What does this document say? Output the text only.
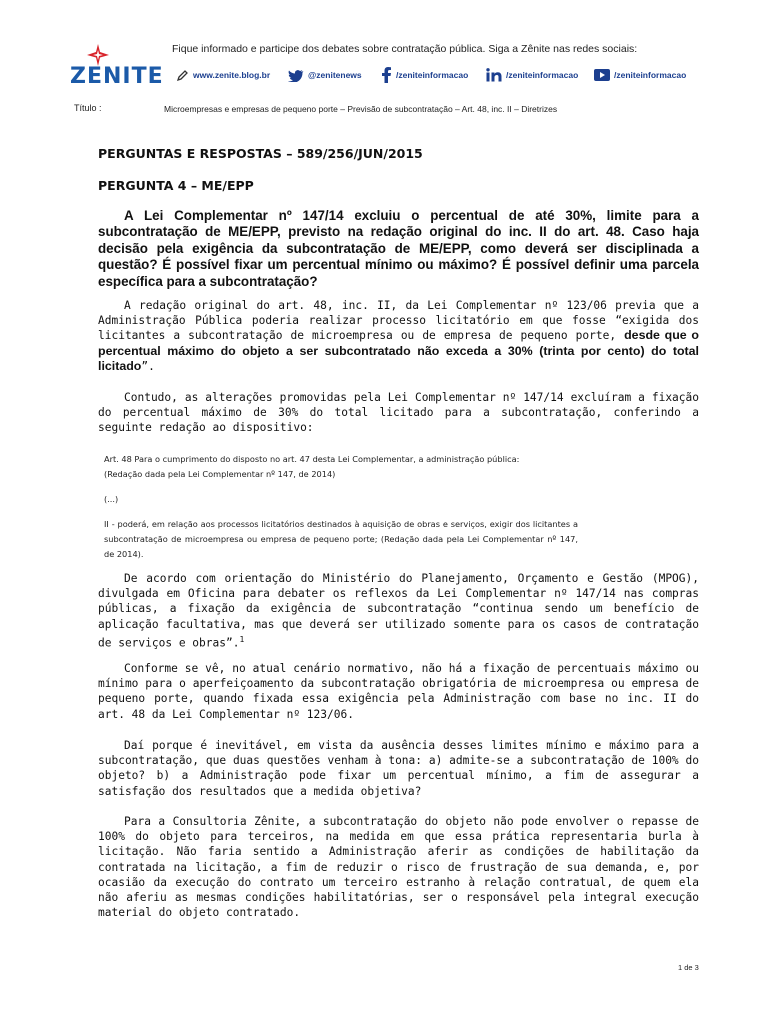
Fique informado e participe dos debates sobre contratação pública. Siga a Zênite nas redes sociais:
ZENITE	www.zenite.blog.br	@zenitenews	/zeniteinformacao	/zeniteinformacao	/zeniteinformacao
Título :	Microempresas e empresas de pequeno porte – Previsão de subcontratação – Art. 48, inc. II – Diretrizes
PERGUNTAS E RESPOSTAS – 589/256/JUN/2015
PERGUNTA 4 – ME/EPP
A Lei Complementar nº 147/14 excluiu o percentual de até 30%, limite para a subcontratação de ME/EPP, previsto na redação original do inc. II do art. 48. Caso haja decisão pela exigência da subcontratação de ME/EPP, como deverá ser disciplinada a questão? É possível fixar um percentual mínimo ou máximo? É possível definir uma parcela específica para a subcontratação?
A redação original do art. 48, inc. II, da Lei Complementar nº 123/06 previa que a Administração Pública poderia realizar processo licitatório em que fosse “exigida dos licitantes a subcontratação de microempresa ou de empresa de pequeno porte, desde que o percentual máximo do objeto a ser subcontratado não exceda a 30% (trinta por cento) do total licitado”.
Contudo, as alterações promovidas pela Lei Complementar nº 147/14 excluíram a fixação do percentual máximo de 30% do total licitado para a subcontratação, conferindo a seguinte redação ao dispositivo:
Art. 48 Para o cumprimento do disposto no art. 47 desta Lei Complementar, a administração pública:
(Redação dada pela Lei Complementar nº 147, de 2014)
(...)
II - poderá, em relação aos processos licitatórios destinados à aquisição de obras e serviços, exigir dos licitantes a subcontratação de microempresa ou empresa de pequeno porte; (Redação dada pela Lei Complementar nº 147, de 2014).
De acordo com orientação do Ministério do Planejamento, Orçamento e Gestão (MPOG), divulgada em Oficina para debater os reflexos da Lei Complementar nº 147/14 nas compras públicas, a fixação da exigência de subcontratação “continua sendo um benefício de aplicação facultativa, mas que deverá ser utilizado somente para os casos de contratação de serviços e obras”.$^1$
Conforme se vê, no atual cenário normativo, não há a fixação de percentuais máximo ou mínimo para o aperfeiçoamento da subcontratação obrigatória de microempresa ou empresa de pequeno porte, quando fixada essa exigência pela Administração com base no inc. II do art. 48 da Lei Complementar nº 123/06.
Daí porque é inevitável, em vista da ausência desses limites mínimo e máximo para a subcontratação, que duas questões venham à tona: a) admite-se a subcontratação de 100% do objeto? b) a Administração pode fixar um percentual mínimo, a fim de assegurar a satisfação dos resultados que a medida objetiva?
Para a Consultoria Zênite, a subcontratação do objeto não pode envolver o repasse de 100% do objeto para terceiros, na medida em que essa prática representaria burla à licitação. Não faria sentido a Administração aferir as condições de habilitação da contratada na licitação, a fim de reduzir o risco de frustração de sua demanda, e, por ocasião da execução do contrato um terceiro estranho à relação contratual, de quem ela não aferiu as mesmas condições habilitatórias, ser o responsável pela integral execução material do objeto contratado.
1 de 3
